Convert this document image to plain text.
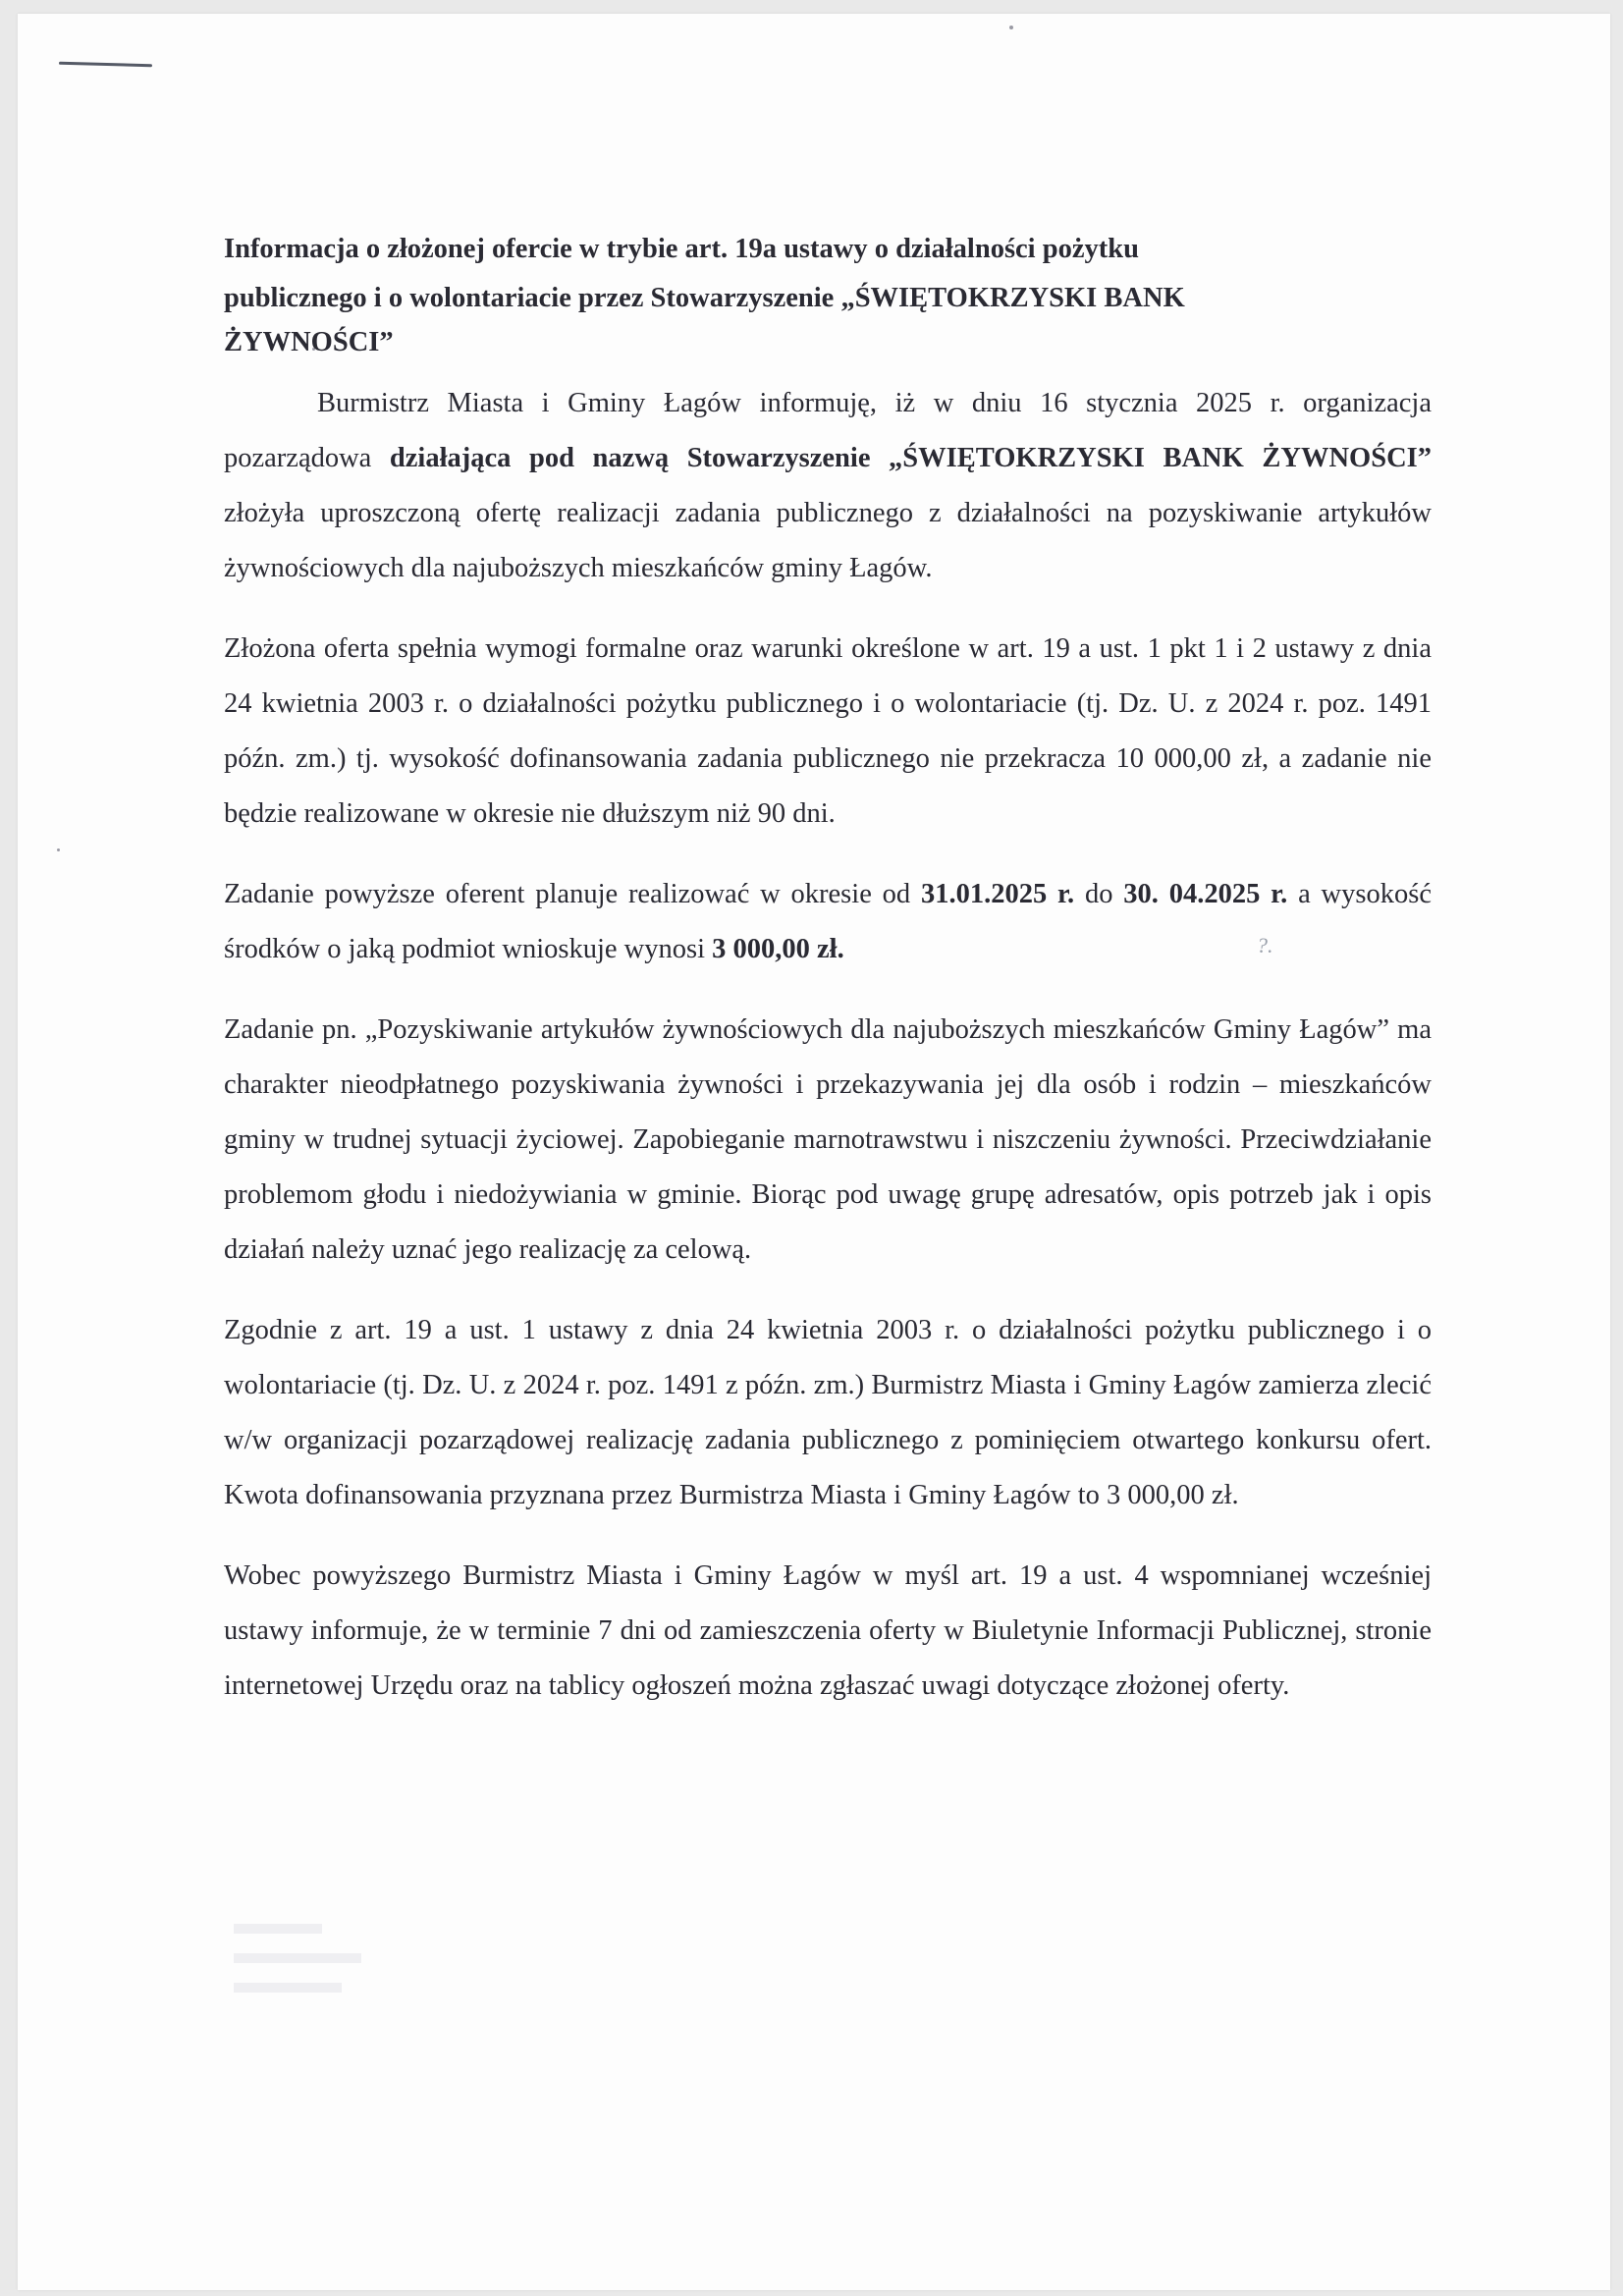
?.
Informacja o złożonej ofercie w trybie art. 19a ustawy o działalności pożytku
publicznego i o wolontariacie przez Stowarzyszenie „ŚWIĘTOKRZYSKI BANK
ŻYWNOŚCI”

Burmistrz Miasta i Gminy Łagów informuję, iż w dniu 16 stycznia 2025 r. organizacja pozarządowa działająca pod nazwą Stowarzyszenie „ŚWIĘTOKRZYSKI BANK ŻYWNOŚCI” złożyła uproszczoną ofertę realizacji zadania publicznego z działalności na pozyskiwanie artykułów żywnościowych dla najuboższych mieszkańców gminy Łagów.

Złożona oferta spełnia wymogi formalne oraz warunki określone w art. 19 a ust. 1 pkt 1 i 2 ustawy z dnia 24 kwietnia 2003 r. o działalności pożytku publicznego i o wolontariacie (tj. Dz. U. z 2024 r. poz. 1491 późn. zm.) tj. wysokość dofinansowania zadania publicznego nie przekracza 10 000,00 zł, a zadanie nie będzie realizowane w okresie nie dłuższym niż 90 dni.

Zadanie powyższe oferent planuje realizować w okresie od 31.01.2025 r. do 30. 04.2025 r. a wysokość środków o jaką podmiot wnioskuje wynosi 3 000,00 zł.

Zadanie pn. „Pozyskiwanie artykułów żywnościowych dla najuboższych mieszkańców Gminy Łagów” ma charakter nieodpłatnego pozyskiwania żywności i przekazywania jej dla osób i rodzin – mieszkańców gminy w trudnej sytuacji życiowej. Zapobieganie marnotrawstwu i niszczeniu żywności. Przeciwdziałanie problemom głodu i niedożywiania w gminie. Biorąc pod uwagę grupę adresatów, opis potrzeb jak i opis działań należy uznać jego realizację za celową.

Zgodnie z art. 19 a ust. 1 ustawy z dnia 24 kwietnia 2003 r. o działalności pożytku publicznego i o wolontariacie (tj. Dz. U. z 2024 r. poz. 1491 z późn. zm.) Burmistrz Miasta i Gminy Łagów zamierza zlecić w/w organizacji pozarządowej realizację zadania publicznego z pominięciem otwartego konkursu ofert. Kwota dofinansowania przyznana przez Burmistrza Miasta i Gminy Łagów to 3 000,00 zł.

Wobec powyższego Burmistrz Miasta i Gminy Łagów w myśl art. 19 a ust. 4 wspomnianej wcześniej ustawy informuje, że w terminie 7 dni od zamieszczenia oferty w Biuletynie Informacji Publicznej, stronie internetowej Urzędu oraz na tablicy ogłoszeń można zgłaszać uwagi dotyczące złożonej oferty.
